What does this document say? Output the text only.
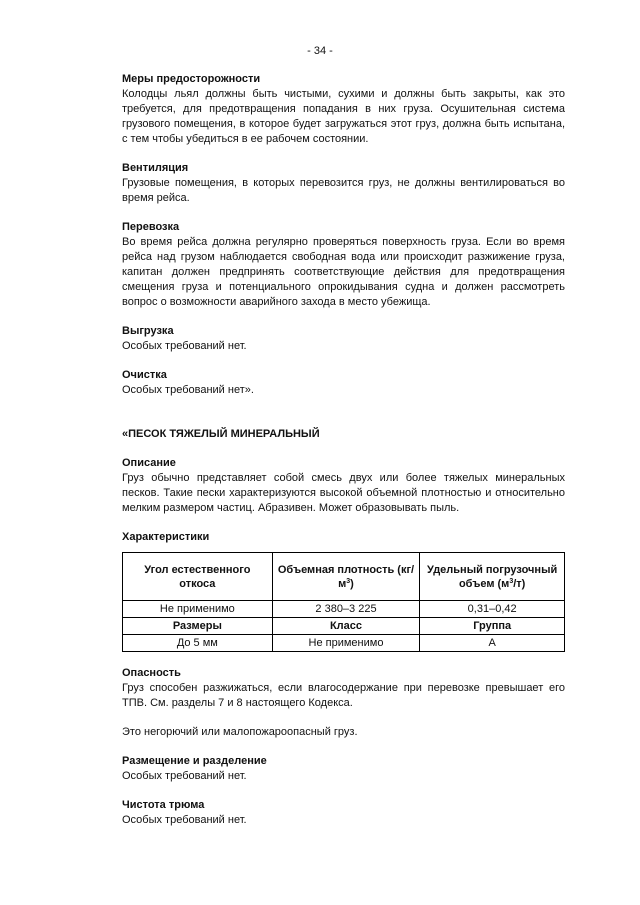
- 34 -

Меры предосторожности

Колодцы льял должны быть чистыми, сухими и должны быть закрыты, как это требуется, для предотвращения попадания в них груза. Осушительная система грузового помещения, в которое будет загружаться этот груз, должна быть испытана, с тем чтобы убедиться в ее рабочем состоянии.

Вентиляция

Грузовые помещения, в которых перевозится груз, не должны вентилироваться во время рейса.

Перевозка

Во время рейса должна регулярно проверяться поверхность груза. Если во время рейса над грузом наблюдается свободная вода или происходит разжижение груза, капитан должен предпринять соответствующие действия для предотвращения смещения груза и потенциального опрокидывания судна и должен рассмотреть вопрос о возможности аварийного захода в место убежища.

Выгрузка

Особых требований нет.

Очистка

Особых требований нет».

«ПЕСОК ТЯЖЕЛЫЙ МИНЕРАЛЬНЫЙ

Описание

Груз обычно представляет собой смесь двух или более тяжелых минеральных песков. Такие пески характеризуются высокой объемной плотностью и относительно мелким размером частиц. Абразивен. Может образовывать пыль.

Характеристики

Угол естественного откоса	Объемная плотность $(кг/м^3)$	Удельный погрузочный объем $(м^3/т)$
Не применимо	2 380–3 225	0,31–0,42
Размеры	Класс	Группа
До 5 мм	Не применимо	A

Опасность

Груз способен разжижаться, если влагосодержание при перевозке превышает его ТПВ. См. разделы 7 и 8 настоящего Кодекса.

Это негорючий или малопожароопасный груз.

Размещение и разделение

Особых требований нет.

Чистота трюма

Особых требований нет.
